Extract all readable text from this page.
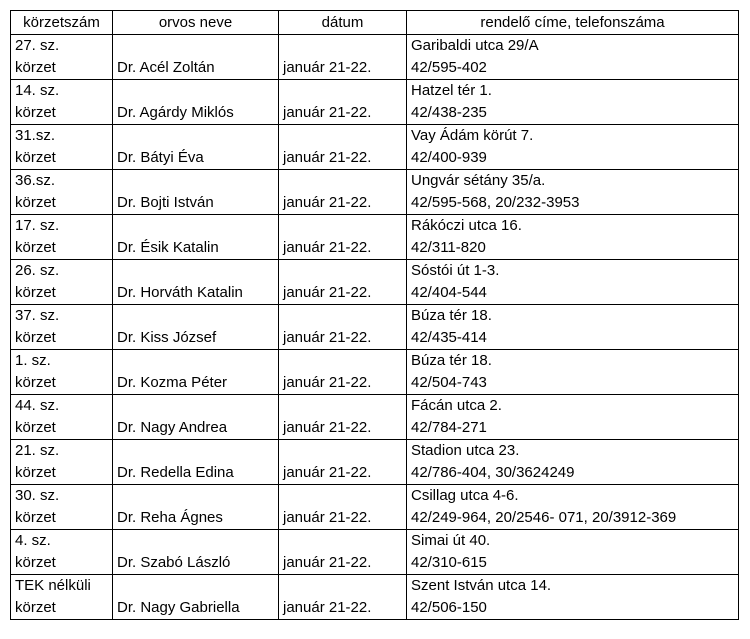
körzetszám	orvos neve	dátum	rendelő címe, telefonszáma

27. sz.
körzet	Dr. Acél Zoltán	január 21-22.	Garibaldi utca 29/A
42/595-402

14. sz.
körzet	Dr. Agárdy Miklós	január 21-22.	Hatzel tér 1.
42/438-235

31.sz.
körzet	Dr. Bátyi Éva	január 21-22.	Vay Ádám körút 7.
42/400-939

36.sz.
körzet	Dr. Bojti István	január 21-22.	Ungvár sétány 35/a.
42/595-568, 20/232-3953

17. sz.
körzet	Dr. Ésik Katalin	január 21-22.	Rákóczi utca 16.
42/311-820

26. sz.
körzet	Dr. Horváth Katalin	január 21-22.	Sóstói út 1-3.
42/404-544

37. sz.
körzet	Dr. Kiss József	január 21-22.	Búza tér 18.
42/435-414

1. sz.
körzet	Dr. Kozma Péter	január 21-22.	Búza tér 18.
42/504-743

44. sz.
körzet	Dr. Nagy Andrea	január 21-22.	Fácán utca 2.
42/784-271

21. sz.
körzet	Dr. Redella Edina	január 21-22.	Stadion utca 23.
42/786-404, 30/3624249

30. sz.
körzet	Dr. Reha Ágnes	január 21-22.	Csillag utca 4-6.
42/249-964, 20/2546- 071, 20/3912-369

4. sz.
körzet	Dr. Szabó László	január 21-22.	Simai út 40.
42/310-615

TEK nélküli
körzet	Dr. Nagy Gabriella	január 21-22.	Szent István utca 14.
42/506-150
